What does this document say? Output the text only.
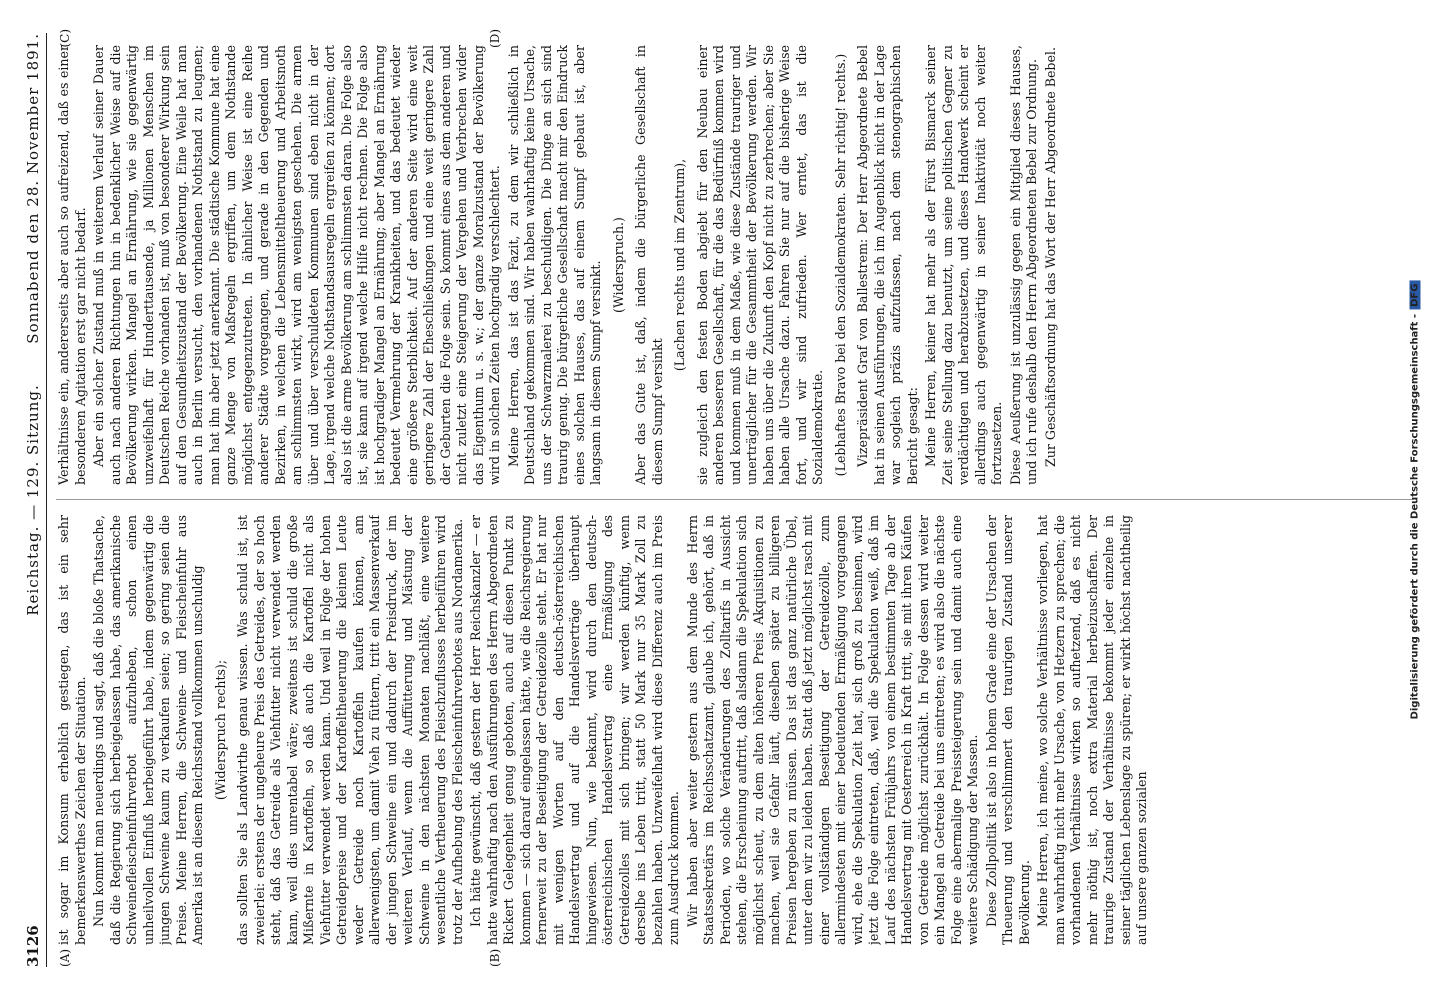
3126
Reichstag. — 129. Sitzung.
Sonnabend den 28. November 1891.
(A)	(B)
(C)	(D)

ist sogar im Konsum erheblich gestiegen, das ist ein sehr bemerkenswerthes Zeichen der Situation. Nun kommt man neuerdings und sagt, daß die bloße Thatsache, daß die Regierung sich herbeigelassen habe, das amerikanische Schweinefleischeinfuhrverbot aufzuheben, schon einen unheilvollen Einfluß herbeigeführt habe, indem gegenwärtig die jungen Schweine kaum zu verkaufen seien; so gering seien die Preise. Meine Herren, die Schweine- und Fleischeinfuhr aus Amerika ist an diesem Reichsstand vollkommen unschuldig (Widerspruch rechts); das sollten Sie als Landwirthe genau wissen. Was schuld ist, ist zweierlei: erstens der ungeheure Preis des Getreides, der so hoch steht, daß das Getreide als Viehfutter nicht verwendet werden kann, weil dies unrentabel wäre; zweitens ist schuld die große Mißernte in Kartoffeln, so daß auch die Kartoffel nicht als Viehfutter verwendet werden kann. Und weil in Folge der hohen Getreidepreise und der Kartoffeltheuerung die kleinen Leute weder Getreide noch Kartoffeln kaufen können, am allerwenigsten, um damit Vieh zu füttern, tritt ein Massenverkauf der jungen Schweine ein und dadurch der Preisdruck, der im weiteren Verlauf, wenn die Auffütterung und Mästung der Schweine in den nächsten Monaten nachläßt, eine weitere wesentliche Vertheuerung des Fleischzuflusses herbeiführen wird trotz der Aufhebung des Fleischeinfuhrverbotes aus Nordamerika. Ich hätte gewünscht, daß gestern der Herr Reichskanzler — er hatte wahrhaftig nach den Ausführungen des Herrn Abgeordneten Rickert Gelegenheit genug geboten, auch auf diesen Punkt zu kommen — sich darauf eingelassen hätte, wie die Reichsregierung fernerweit zu der Beseitigung der Getreidezölle steht. Er hat nur mit wenigen Worten auf den deutsch-österreichischen Handelsvertrag und auf die Handelsverträge überhaupt hingewiesen. Nun, wie bekannt, wird durch den deutsch-österreichischen Handelsvertrag eine Ermäßigung des Getreidezolles mit sich bringen; wir werden künftig, wenn derselbe ins Leben tritt, statt 50 Mark nur 35 Mark Zoll zu bezahlen haben. Unzweifelhaft wird diese Differenz auch im Preis zum Ausdruck kommen. Wir haben aber weiter gestern aus dem Munde des Herrn Staatssekretärs im Reichsschatzamt, glaube ich, gehört, daß in Perioden, wo solche Veränderungen des Zolltarifs in Aussicht stehen, die Erscheinung auftritt, daß alsdann die Spekulation sich möglichst scheut, zu dem alten höheren Preis Akquisitionen zu machen, weil sie Gefahr läuft, dieselben später zu billigeren Preisen hergeben zu müssen. Das ist das ganz natürliche Übel, unter dem wir zu leiden haben. Statt daß jetzt möglichst rasch mit einer vollständigen Beseitigung der Getreidezölle, zum allermindesten mit einer bedeutenden Ermäßigung vorgegangen wird, ehe die Spekulation Zeit hat, sich groß zu besinnen, wird jetzt die Folge eintreten, daß, weil die Spekulation weiß, daß im Lauf des nächsten Frühjahrs von einem bestimmten Tage ab der Handelsvertrag mit Oesterreich in Kraft tritt, sie mit ihren Käufen von Getreide möglichst zurückhält. In Folge dessen wird weiter ein Mangel an Getreide bei uns eintreten; es wird also die nächste Folge eine abermalige Preissteigerung sein und damit auch eine weitere Schädigung der Massen. Diese Zollpolitik ist also in hohem Grade eine der Ursachen der Theuerung und verschlimmert den traurigen Zustand unserer Bevölkerung. Meine Herren, ich meine, wo solche Verhältnisse vorliegen, hat man wahrhaftig nicht mehr Ursache, von Hetzern zu sprechen; die vorhandenen Verhältnisse wirken so aufhetzend, daß es nicht mehr nöthig ist, noch extra Material herbeizuschaffen. Der traurige Zustand der Verhältnisse bekommt jeder einzelne in seiner täglichen Lebenslage zu spüren; er wirkt höchst nachtheilig auf unsere ganzen sozialen

Verhältnisse ein, andererseits aber auch so aufreizend, daß es einer besonderen Agitation erst gar nicht bedarf. Aber ein solcher Zustand muß in weiterem Verlauf seiner Dauer auch nach anderen Richtungen hin in bedenklicher Weise auf die Bevölkerung wirken. Mangel an Ernährung, wie sie gegenwärtig unzweifelhaft für Hunderttausende, ja Millionen Menschen im Deutschen Reiche vorhanden ist, muß von besonderer Wirkung sein auf den Gesundheitszustand der Bevölkerung. Eine Weile hat man auch in Berlin versucht, den vorhandenen Nothstand zu leugnen; man hat ihn aber jetzt anerkannt. Die städtische Kommune hat eine ganze Menge von Maßregeln ergriffen, um dem Nothstande möglichst entgegenzutreten. In ähnlicher Weise ist eine Reihe anderer Städte vorgegangen, und gerade in den Gegenden und Bezirken, in welchen die Lebensmitteltheuerung und Arbeitsnoth am schlimmsten wirkt, wird am wenigsten geschehen. Die armen über und über verschuldeten Kommunen sind eben nicht in der Lage, irgend welche Nothstandsausregeln ergreifen zu können; dort also ist die arme Bevölkerung am schlimmsten daran. Die Folge also ist, sie kann auf irgend welche Hilfe nicht rechnen. Die Folge also ist hochgradiger Mangel an Ernährung; aber Mangel an Ernährung bedeutet Vermehrung der Krankheiten, und das bedeutet wieder eine größere Sterblichkeit. Auf der anderen Seite wird eine weit geringere Zahl der Eheschließungen und eine weit geringere Zahl der Geburten die Folge sein. So kommt eines aus dem anderen und nicht zuletzt eine Steigerung der Vergehen und Verbrechen wider das Eigenthum u. s. w.; der ganze Moralzustand der Bevölkerung wird in solchen Zeiten hochgradig verschlechtert. Meine Herren, das ist das Fazit, zu dem wir schließlich in Deutschland gekommen sind. Wir haben wahrhaftig keine Ursache, uns der Schwarzmalerei zu beschuldigen. Die Dinge an sich sind traurig genug. Die bürgerliche Gesellschaft macht mir den Eindruck eines solchen Hauses, das auf einem Sumpf gebaut ist, aber langsam in diesem Sumpf versinkt. (Widerspruch.) Aber das Gute ist, daß, indem die bürgerliche Gesellschaft in diesem Sumpf versinkt

(Lachen rechts und im Zentrum), sie zugleich den festen Boden abgiebt für den Neubau einer anderen besseren Gesellschaft, für die das Bedürfniß kommen wird und kommen muß in dem Maße, wie diese Zustände trauriger und unerträglicher für die Gesammtheit der Bevölkerung werden. Wir haben uns über die Zukunft den Kopf nicht zu zerbrechen; aber Sie haben alle Ursache dazu. Fahren Sie nur auf die bisherige Weise fort, und wir sind zufrieden. Wer erntet, das ist die Sozialdemokratie. (Lebhaftes Bravo bei den Sozialdemokraten. Sehr richtig! rechts.) Vizepräsident Graf von Ballestrem: Der Herr Abgeordnete Bebel hat in seinen Ausführungen, die ich im Augenblick nicht in der Lage war sogleich präzis aufzufassen, nach dem stenographischen Bericht gesagt: Meine Herren, keiner hat mehr als der Fürst Bismarck seiner Zeit seine Stellung dazu benutzt, um seine politischen Gegner zu verdächtigen und herabzusetzen, und dieses Handwerk scheint er allerdings auch gegenwärtig in seiner Inaktivität noch weiter fortzusetzen. Diese Aeußerung ist unzulässig gegen ein Mitglied dieses Hauses, und ich rufe deshalb den Herrn Abgeordneten Bebel zur Ordnung. Zur Geschäftsordnung hat das Wort der Herr Abgeordnete Bebel.

Digitalisierung gefördert durch die Deutsche Forschungsgemeinschaft -DFG
